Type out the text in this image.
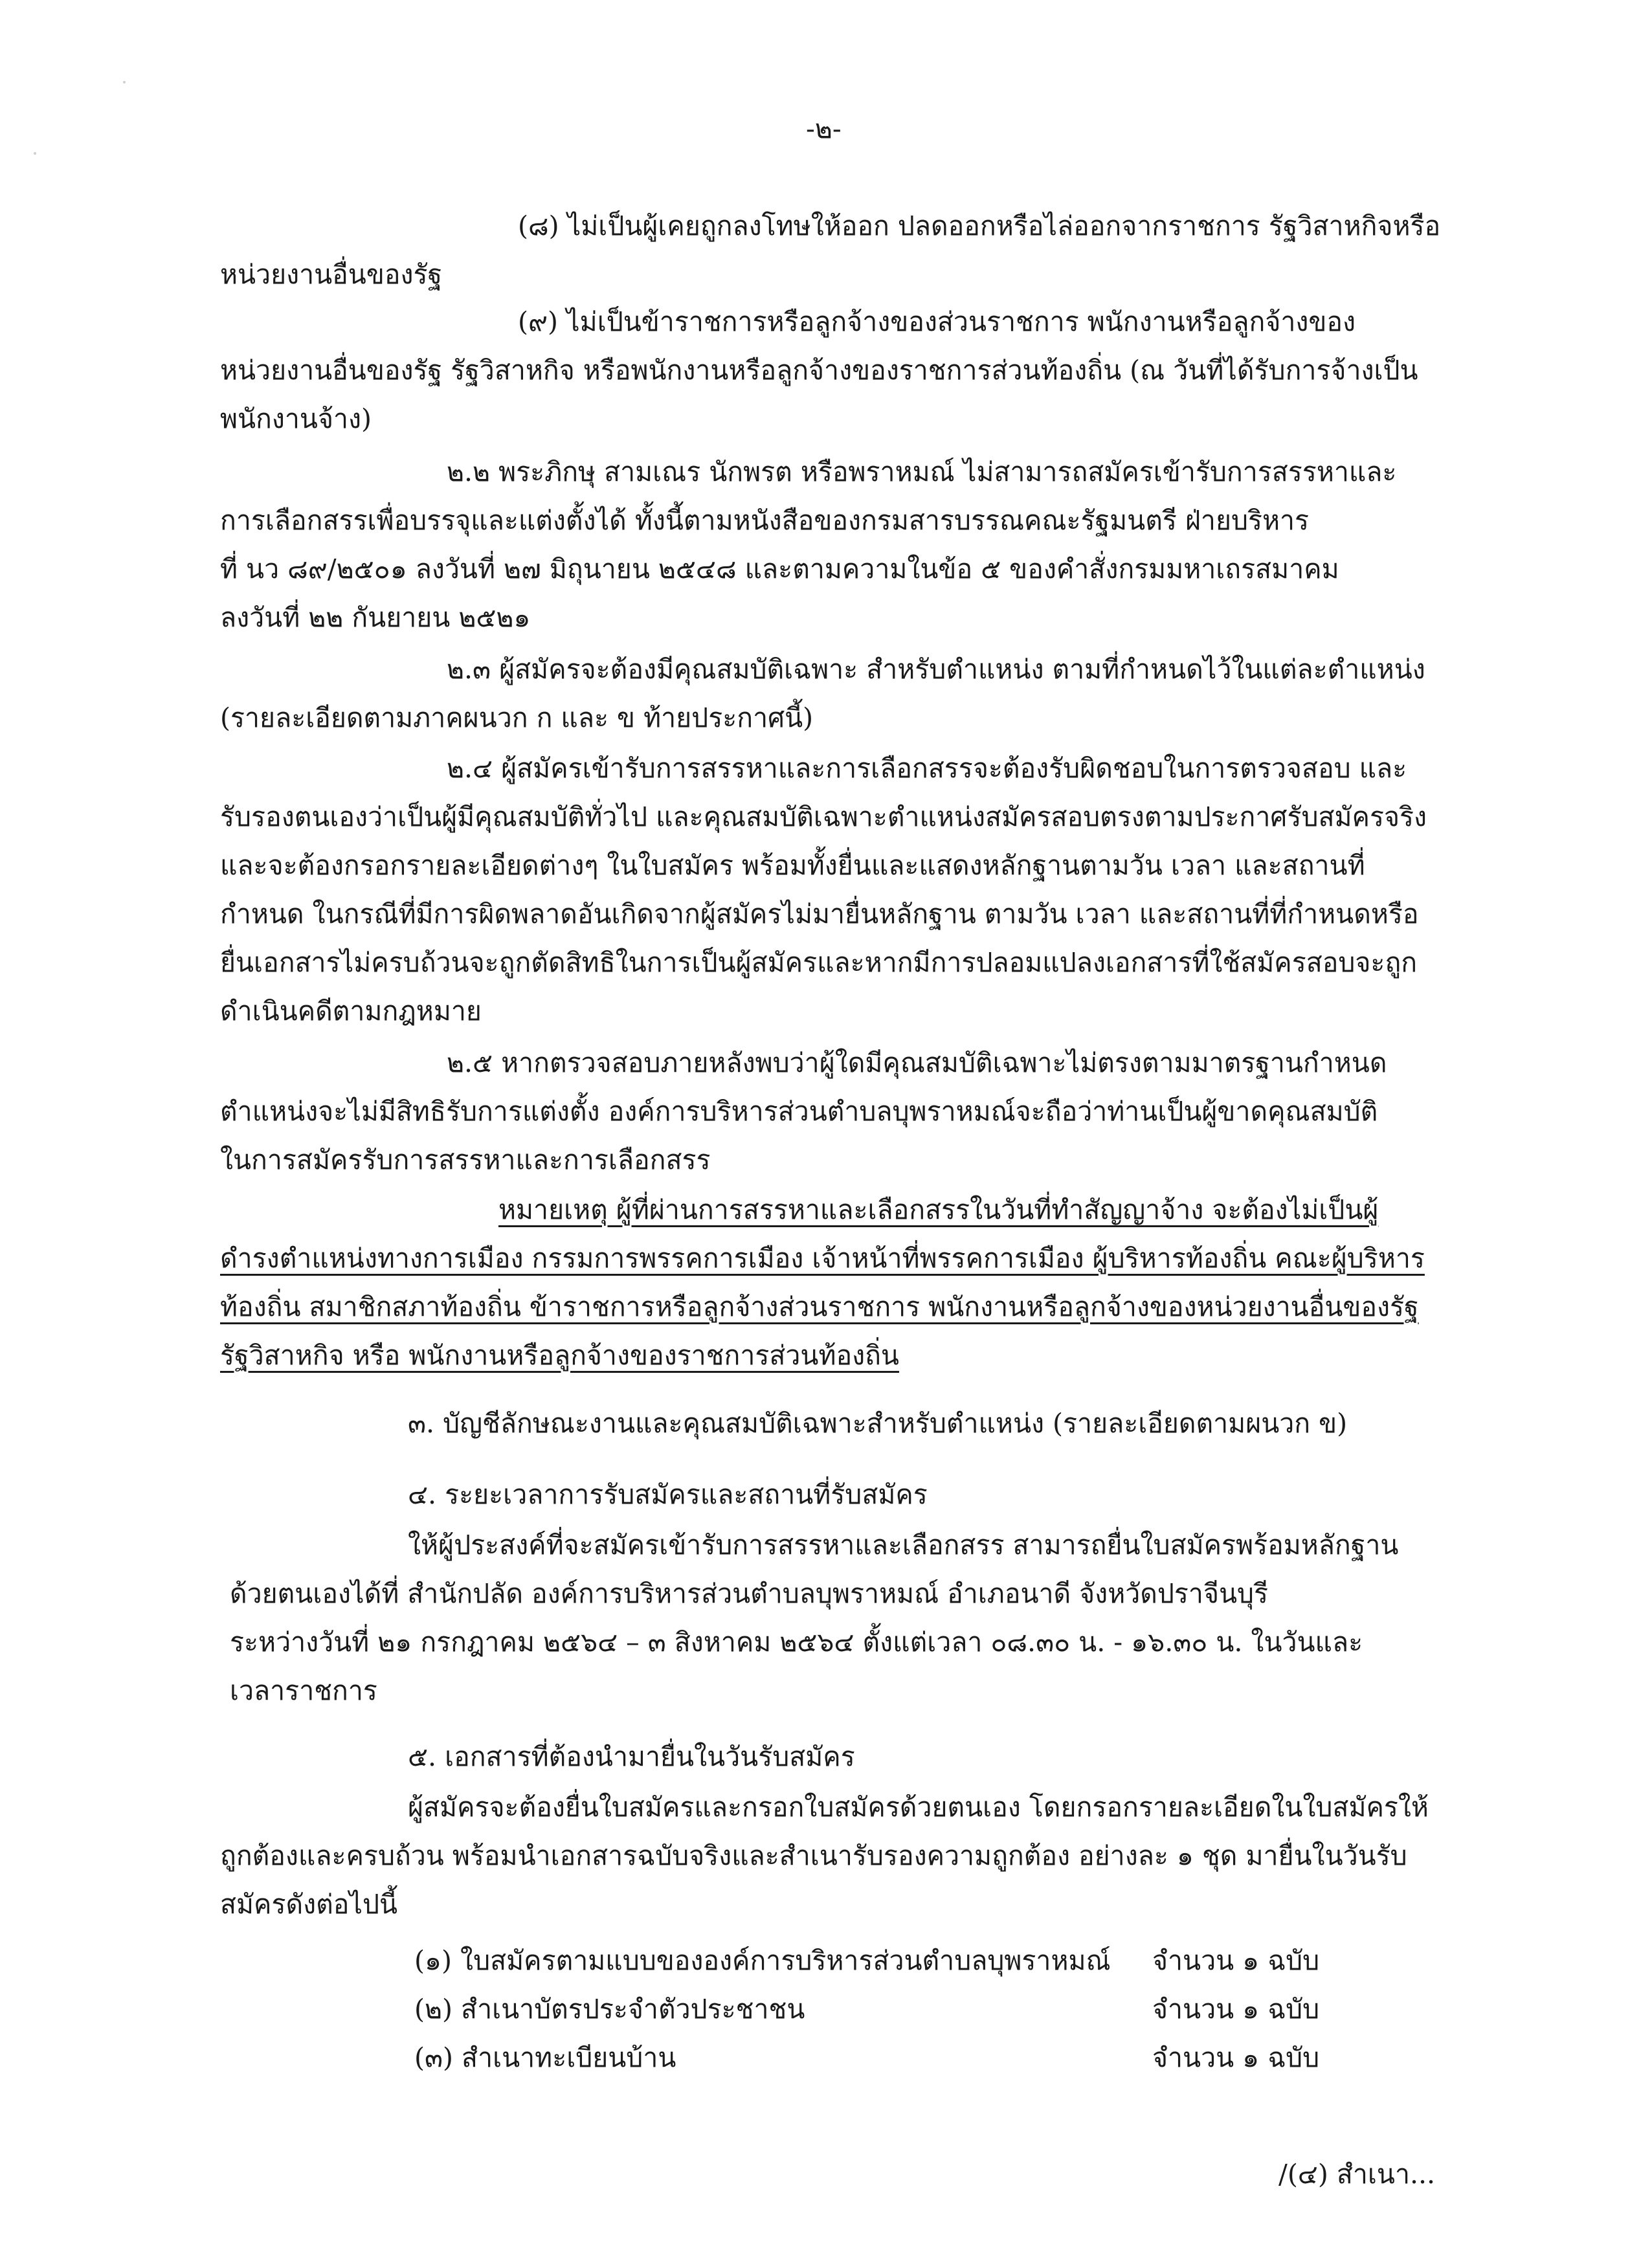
-๒-
(๘) ไม่เป็นผู้เคยถูกลงโทษให้ออก ปลดออกหรือไล่ออกจากราชการ รัฐวิสาหกิจหรือ
หน่วยงานอื่นของรัฐ
(๙) ไม่เป็นข้าราชการหรือลูกจ้างของส่วนราชการ พนักงานหรือลูกจ้างของ
หน่วยงานอื่นของรัฐ รัฐวิสาหกิจ หรือพนักงานหรือลูกจ้างของราชการส่วนท้องถิ่น (ณ วันที่ได้รับการจ้างเป็น
พนักงานจ้าง)
๒.๒ พระภิกษุ สามเณร นักพรต หรือพราหมณ์ ไม่สามารถสมัครเข้ารับการสรรหาและ
การเลือกสรรเพื่อบรรจุและแต่งตั้งได้ ทั้งนี้ตามหนังสือของกรมสารบรรณคณะรัฐมนตรี ฝ่ายบริหาร
ที่ นว ๘๙/๒๕๐๑ ลงวันที่ ๒๗ มิถุนายน ๒๕๔๘ และตามความในข้อ ๕ ของคำสั่งกรมมหาเถรสมาคม
ลงวันที่ ๒๒ กันยายน ๒๕๒๑
๒.๓ ผู้สมัครจะต้องมีคุณสมบัติเฉพาะ สำหรับตำแหน่ง ตามที่กำหนดไว้ในแต่ละตำแหน่ง
(รายละเอียดตามภาคผนวก ก และ ข ท้ายประกาศนี้)
๒.๔ ผู้สมัครเข้ารับการสรรหาและการเลือกสรรจะต้องรับผิดชอบในการตรวจสอบ และ
รับรองตนเองว่าเป็นผู้มีคุณสมบัติทั่วไป และคุณสมบัติเฉพาะตำแหน่งสมัครสอบตรงตามประกาศรับสมัครจริง
และจะต้องกรอกรายละเอียดต่างๆ ในใบสมัคร พร้อมทั้งยื่นและแสดงหลักฐานตามวัน เวลา และสถานที่
กำหนด ในกรณีที่มีการผิดพลาดอันเกิดจากผู้สมัครไม่มายื่นหลักฐาน ตามวัน เวลา และสถานที่ที่กำหนดหรือ
ยื่นเอกสารไม่ครบถ้วนจะถูกตัดสิทธิในการเป็นผู้สมัครและหากมีการปลอมแปลงเอกสารที่ใช้สมัครสอบจะถูก
ดำเนินคดีตามกฎหมาย
๒.๕ หากตรวจสอบภายหลังพบว่าผู้ใดมีคุณสมบัติเฉพาะไม่ตรงตามมาตรฐานกำหนด
ตำแหน่งจะไม่มีสิทธิรับการแต่งตั้ง องค์การบริหารส่วนตำบลบุพราหมณ์จะถือว่าท่านเป็นผู้ขาดคุณสมบัติ
ในการสมัครรับการสรรหาและการเลือกสรร
หมายเหตุ ผู้ที่ผ่านการสรรหาและเลือกสรรในวันที่ทำสัญญาจ้าง จะต้องไม่เป็นผู้
ดำรงตำแหน่งทางการเมือง กรรมการพรรคการเมือง เจ้าหน้าที่พรรคการเมือง ผู้บริหารท้องถิ่น คณะผู้บริหาร
ท้องถิ่น สมาชิกสภาท้องถิ่น ข้าราชการหรือลูกจ้างส่วนราชการ พนักงานหรือลูกจ้างของหน่วยงานอื่นของรัฐ
รัฐวิสาหกิจ หรือ พนักงานหรือลูกจ้างของราชการส่วนท้องถิ่น
๓. บัญชีลักษณะงานและคุณสมบัติเฉพาะสำหรับตำแหน่ง (รายละเอียดตามผนวก ข)
๔. ระยะเวลาการรับสมัครและสถานที่รับสมัคร
ให้ผู้ประสงค์ที่จะสมัครเข้ารับการสรรหาและเลือกสรร สามารถยื่นใบสมัครพร้อมหลักฐาน
ด้วยตนเองได้ที่ สำนักปลัด องค์การบริหารส่วนตำบลบุพราหมณ์ อำเภอนาดี จังหวัดปราจีนบุรี
ระหว่างวันที่ ๒๑ กรกฎาคม ๒๕๖๔ – ๓ สิงหาคม ๒๕๖๔ ตั้งแต่เวลา ๐๘.๓๐ น. - ๑๖.๓๐ น. ในวันและ
เวลาราชการ
๕. เอกสารที่ต้องนำมายื่นในวันรับสมัคร
ผู้สมัครจะต้องยื่นใบสมัครและกรอกใบสมัครด้วยตนเอง โดยกรอกรายละเอียดในใบสมัครให้
ถูกต้องและครบถ้วน พร้อมนำเอกสารฉบับจริงและสำเนารับรองความถูกต้อง อย่างละ ๑ ชุด มายื่นในวันรับ
สมัครดังต่อไปนี้
(๑) ใบสมัครตามแบบขององค์การบริหารส่วนตำบลบุพราหมณ์ จำนวน ๑ ฉบับ
(๒) สำเนาบัตรประจำตัวประชาชน	จำนวน ๑ ฉบับ
(๓) สำเนาทะเบียนบ้าน	จำนวน ๑ ฉบับ
/(๔) สำเนา...
